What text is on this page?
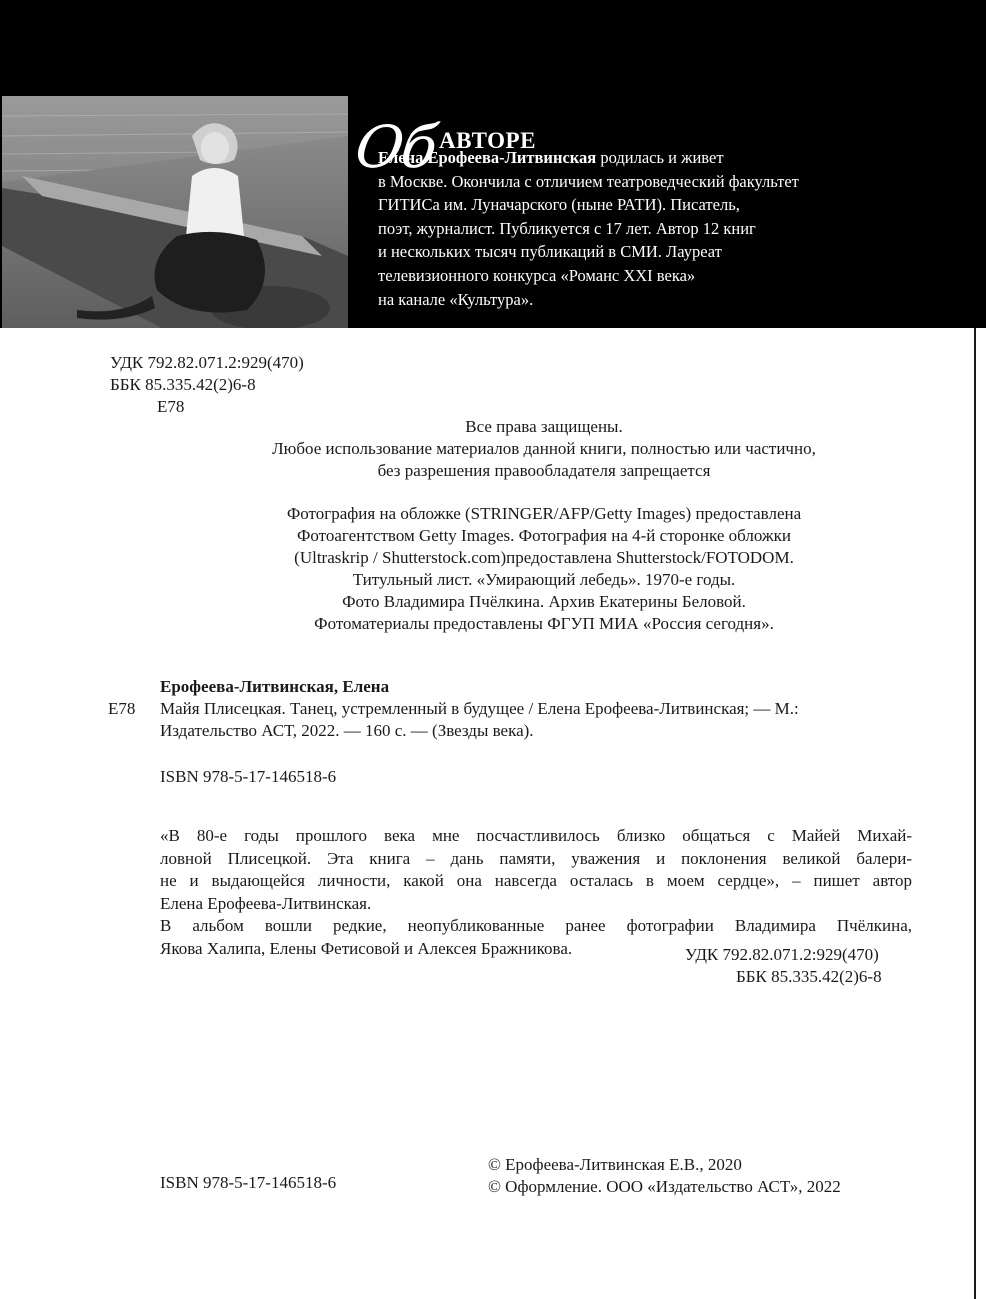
Об АВТОРЕ
Елена Ерофеева-Литвинская родилась и живет
в Москве. Окончила с отличием театроведческий факультет
ГИТИСа им. Луначарского (ныне РАТИ). Писатель,
поэт, журналист. Публикуется с 17 лет. Автор 12 книг
и нескольких тысяч публикаций в СМИ. Лауреат
телевизионного конкурса «Романс XXI века»
на канале «Культура».
УДК 792.82.071.2:929(470)
ББК 85.335.42(2)6-8
Е78
Все права защищены.
Любое использование материалов данной книги, полностью или частично,
без разрешения правообладателя запрещается
Фотография на обложке (STRINGER/AFP/Getty Images) предоставлена
Фотоагентством Getty Images. Фотография на 4-й сторонке обложки
(Ultraskrip / Shutterstock.com)предоставлена Shutterstock/FOTODOM.
Титульный лист. «Умирающий лебедь». 1970-е годы.
Фото Владимира Пчёлкина. Архив Екатерины Беловой.
Фотоматериалы предоставлены ФГУП МИА «Россия сегодня».
Ерофеева-Литвинская, Елена
Е78 Майя Плисецкая. Танец, устремленный в будущее / Елена Ерофеева-Литвинская; — М.:
Издательство АСТ, 2022. — 160 с. — (Звезды века).
ISBN 978-5-17-146518-6
«В 80-е годы прошлого века мне посчастливилось близко общаться с Майей Михай-
ловной Плисецкой. Эта книга – дань памяти, уважения и поклонения великой балери-
не и выдающейся личности, какой она навсегда осталась в моем сердце», – пишет автор
Елена Ерофеева-Литвинская.
В альбом вошли редкие, неопубликованные ранее фотографии Владимира Пчёлкина,
Якова Халипа, Елены Фетисовой и Алексея Бражникова.	УДК 792.82.071.2:929(470)
ББК 85.335.42(2)6-8
ISBN 978-5-17-146518-6
© Ерофеева-Литвинская Е.В., 2020
© Оформление. ООО «Издательство АСТ», 2022
